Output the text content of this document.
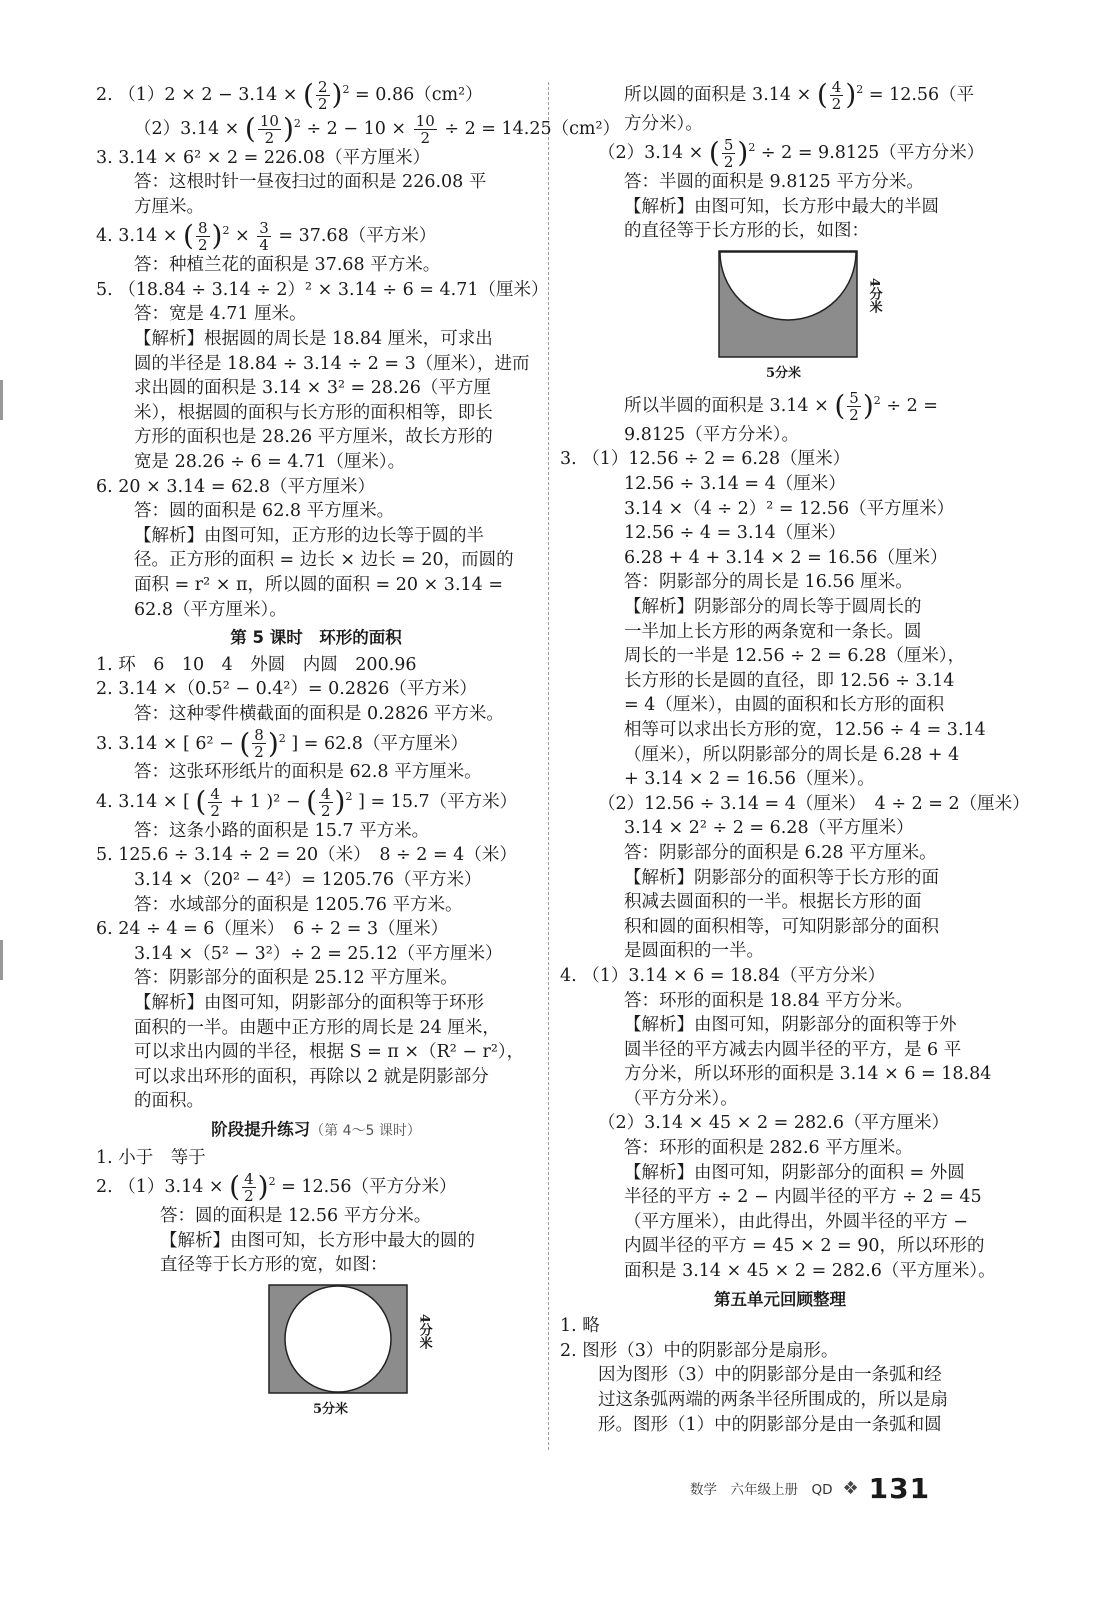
2. （1）2 × 2 − 3.14 × ( $\frac{2}{2} )^2 = 0.86(cm^2)$
（2）3.14 × ( $\frac{10}{2} )^2 \div 2 - 10 \times \frac{10}{2} \div 2 = 14.25(cm^2)$
3. 3.14 × 6² × 2 = 226.08（平方厘米）
答：这根时针一昼夜扫过的面积是 226.08 平
方厘米。
4. 3.14 × ( $\frac{8}{2} )^2 \times \frac{3}{4} = 37.68$（平方米）
答：种植兰花的面积是 37.68 平方米。
5. （18.84 ÷ 3.14 ÷ 2）² × 3.14 ÷ 6 = 4.71（厘米）
答：宽是 4.71 厘米。
【解析】根据圆的周长是 18.84 厘米，可求出
圆的半径是 18.84 ÷ 3.14 ÷ 2 = 3（厘米），进而
求出圆的面积是 3.14 × 3² = 28.26（平方厘
米），根据圆的面积与长方形的面积相等，即长
方形的面积也是 28.26 平方厘米，故长方形的
宽是 28.26 ÷ 6 = 4.71（厘米）。
6. 20 × 3.14 = 62.8（平方厘米）
答：圆的面积是 62.8 平方厘米。
【解析】由图可知，正方形的边长等于圆的半
径。正方形的面积 = 边长 × 边长 = 20，而圆的
面积 = r² × π，所以圆的面积 = 20 × 3.14 =
62.8（平方厘米）。
第 5 课时　环形的面积
1. 环　6　10　4　外圆　内圆　200.96
2. 3.14 ×（0.5² − 0.4²）= 0.2826（平方米）
答：这种零件横截面的面积是 0.2826 平方米。
3. 3.14 × [ 6² − ( $\frac{8}{2} )^2$ ] = 62.8（平方厘米）
答：这张环形纸片的面积是 62.8 平方厘米。
4. 3.14 × [ ( $\frac{4}{2} + 1$ )² − ( $\frac{4}{2} )^2$ ] = 15.7（平方米）
答：这条小路的面积是 15.7 平方米。
5. 125.6 ÷ 3.14 ÷ 2 = 20（米）　8 ÷ 2 = 4（米）
3.14 ×（20² − 4²）= 1205.76（平方米）
答：水域部分的面积是 1205.76 平方米。
6. 24 ÷ 4 = 6（厘米）　6 ÷ 2 = 3（厘米）
3.14 ×（5² − 3²）÷ 2 = 25.12（平方厘米）
答：阴影部分的面积是 25.12 平方厘米。
【解析】由图可知，阴影部分的面积等于环形
面积的一半。由题中正方形的周长是 24 厘米，
可以求出内圆的半径，根据 S = π ×（R² − r²），
可以求出环形的面积，再除以 2 就是阴影部分
的面积。
阶段提升练习（第 4～5 课时）
1. 小于　等于
2. （1）3.14 × ( $\frac{4}{2} )^2 = 12.56$（平方分米）
答：圆的面积是 12.56 平方分米。
【解析】由图可知，长方形中最大的圆的
直径等于长方形的宽，如图：
4分米
5分米
所以圆的面积是 3.14 × ( $\frac{4}{2} )^2 = 12.56$（平
方分米）。
（2）3.14 × ( $\frac{5}{2} )^2 \div 2 = 9.8125$（平方分米）
答：半圆的面积是 9.8125 平方分米。
【解析】由图可知，长方形中最大的半圆
的直径等于长方形的长，如图：
4分米
5分米
所以半圆的面积是 3.14 × ( $\frac{5}{2} )^2 \div 2$ =
9.8125（平方分米）。
3. （1）12.56 ÷ 2 = 6.28（厘米）
12.56 ÷ 3.14 = 4（厘米）
3.14 ×（4 ÷ 2）² = 12.56（平方厘米）
12.56 ÷ 4 = 3.14（厘米）
6.28 + 4 + 3.14 × 2 = 16.56（厘米）
答：阴影部分的周长是 16.56 厘米。
【解析】阴影部分的周长等于圆周长的
一半加上长方形的两条宽和一条长。圆
周长的一半是 12.56 ÷ 2 = 6.28（厘米），
长方形的长是圆的直径，即 12.56 ÷ 3.14
= 4（厘米），由圆的面积和长方形的面积
相等可以求出长方形的宽，12.56 ÷ 4 = 3.14
（厘米），所以阴影部分的周长是 6.28 + 4
+ 3.14 × 2 = 16.56（厘米）。
（2）12.56 ÷ 3.14 = 4（厘米）　4 ÷ 2 = 2（厘米）
3.14 × 2² ÷ 2 = 6.28（平方厘米）
答：阴影部分的面积是 6.28 平方厘米。
【解析】阴影部分的面积等于长方形的面
积减去圆面积的一半。根据长方形的面
积和圆的面积相等，可知阴影部分的面积
是圆面积的一半。
4. （1）3.14 × 6 = 18.84（平方分米）
答：环形的面积是 18.84 平方分米。
【解析】由图可知，阴影部分的面积等于外
圆半径的平方减去内圆半径的平方，是 6 平
方分米，所以环形的面积是 3.14 × 6 = 18.84
（平方分米）。
（2）3.14 × 45 × 2 = 282.6（平方厘米）
答：环形的面积是 282.6 平方厘米。
【解析】由图可知，阴影部分的面积 = 外圆
半径的平方 ÷ 2 − 内圆半径的平方 ÷ 2 = 45
（平方厘米），由此得出，外圆半径的平方 −
内圆半径的平方 = 45 × 2 = 90，所以环形的
面积是 3.14 × 45 × 2 = 282.6（平方厘米）。
第五单元回顾整理
1. 略
2. 图形（3）中的阴影部分是扇形。
因为图形（3）中的阴影部分是由一条弧和经
过这条弧两端的两条半径所围成的，所以是扇
形。图形（1）中的阴影部分是由一条弧和圆
数学　六年级上册　QD ❖ 131
